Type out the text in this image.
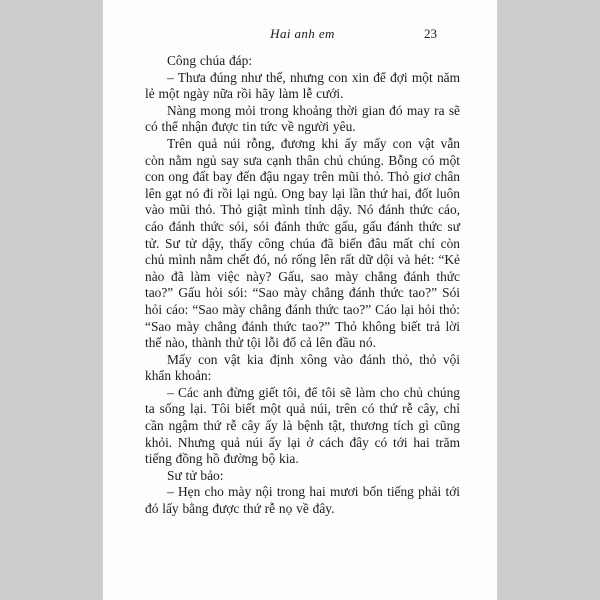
Hai anh em	23

Công chúa đáp:

– Thưa đúng như thế, nhưng con xin để đợi một năm lẻ một ngày nữa rồi hãy làm lễ cưới.

Nàng mong mỏi trong khoảng thời gian đó may ra sẽ có thể nhận được tin tức về người yêu.

Trên quả núi rỗng, đương khi ấy mấy con vật vẫn còn nằm ngủ say sưa cạnh thân chủ chúng. Bỗng có một con ong đất bay đến đậu ngay trên mũi thỏ. Thỏ giơ chân lên gạt nó đi rồi lại ngủ. Ong bay lại lần thứ hai, đốt luôn vào mũi thỏ. Thỏ giật mình tỉnh dậy. Nó đánh thức cáo, cáo đánh thức sói, sói đánh thức gấu, gấu đánh thức sư tử. Sư tử dậy, thấy công chúa đã biến đâu mất chỉ còn chủ mình nằm chết đó, nó rống lên rất dữ dội và hét: “Kẻ nào đã làm việc này? Gấu, sao mày chẳng đánh thức tao?” Gấu hỏi sói: “Sao mày chẳng đánh thức tao?” Sói hỏi cáo: “Sao mày chẳng đánh thức tao?” Cáo lại hỏi thỏ: “Sao mày chẳng đánh thức tao?” Thỏ không biết trả lời thế nào, thành thử tội lỗi đổ cả lên đầu nó.

Mấy con vật kia định xông vào đánh thỏ, thỏ vội khẩn khoản:

– Các anh đừng giết tôi, để tôi sẽ làm cho chủ chúng ta sống lại. Tôi biết một quả núi, trên có thứ rễ cây, chỉ cần ngậm thứ rễ cây ấy là bệnh tật, thương tích gì cũng khỏi. Nhưng quả núi ấy lại ở cách đây có tới hai trăm tiếng đồng hồ đường bộ kia.

Sư tử bảo:

– Hẹn cho mày nội trong hai mươi bốn tiếng phải tới đó lấy bằng được thứ rễ nọ về đây.
